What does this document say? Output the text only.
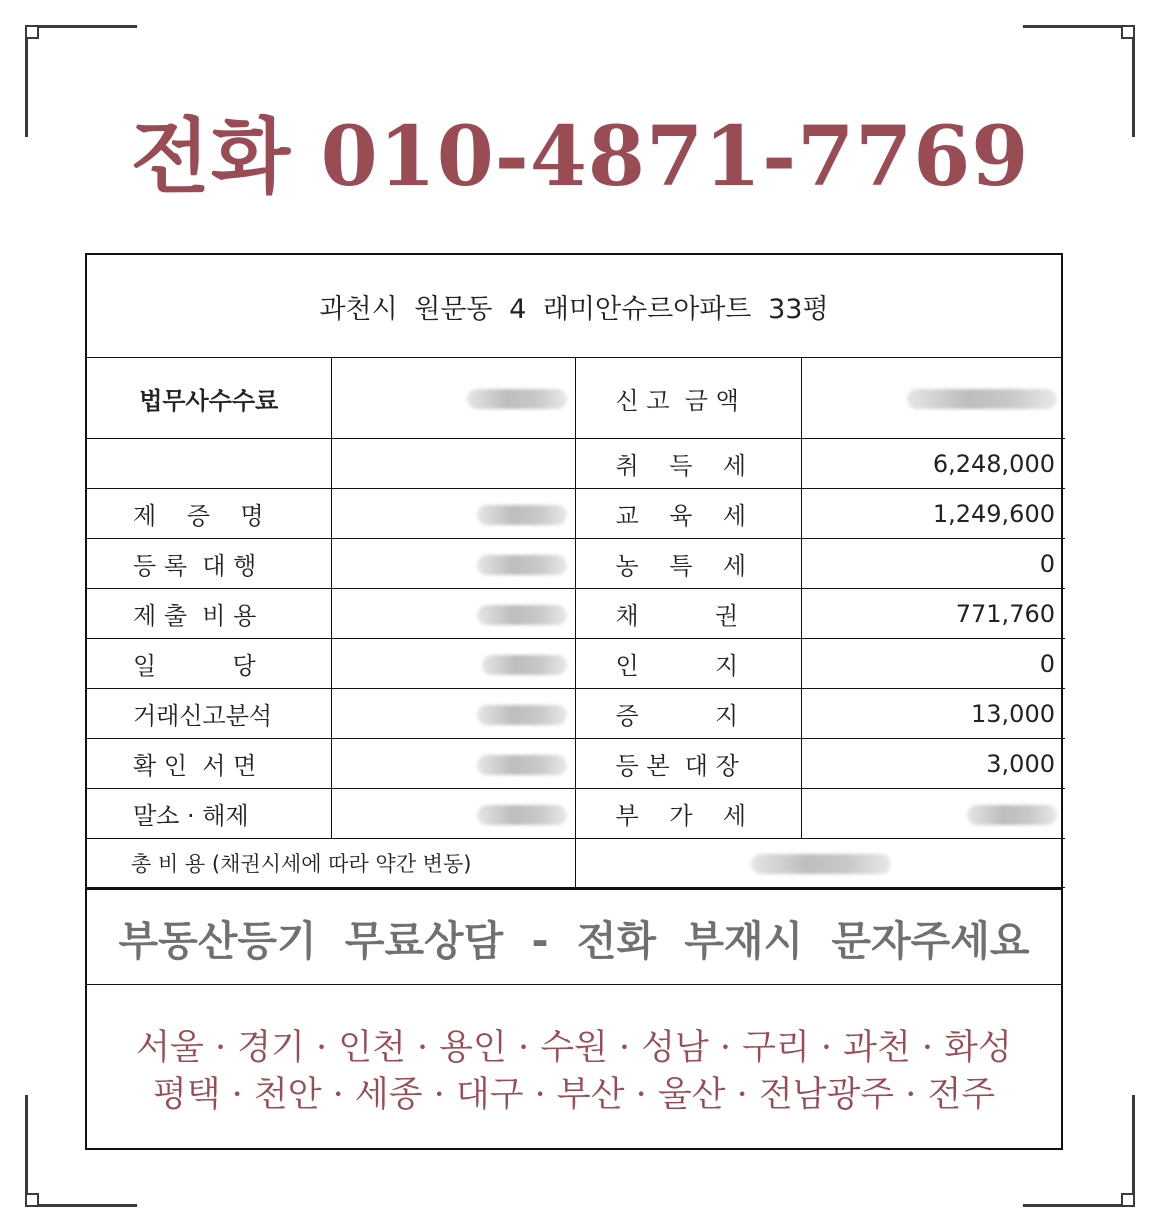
전화 010-4871-7769
과천시 원문동 4 래미안슈르아파트 33평
법무사수수료		신 고  금 액	
		취    득    세	6,248,000
제    증    명		교    육    세	1,249,600
등 록  대 행		농    특    세	0
제 출  비 용		채          권	771,760
일          당		인          지	0
거래신고분석		증          지	13,000
확 인  서 면		등 본  대 장	3,000
말소 · 해제		부    가    세	
총 비 용 (채권시세에 따라 약간 변동)			
부동산등기 무료상담 - 전화 부재시 문자주세요
서울 · 경기 · 인천 · 용인 · 수원 · 성남 · 구리 · 과천 · 화성
평택 · 천안 · 세종 · 대구 · 부산 · 울산 · 전남광주 · 전주
